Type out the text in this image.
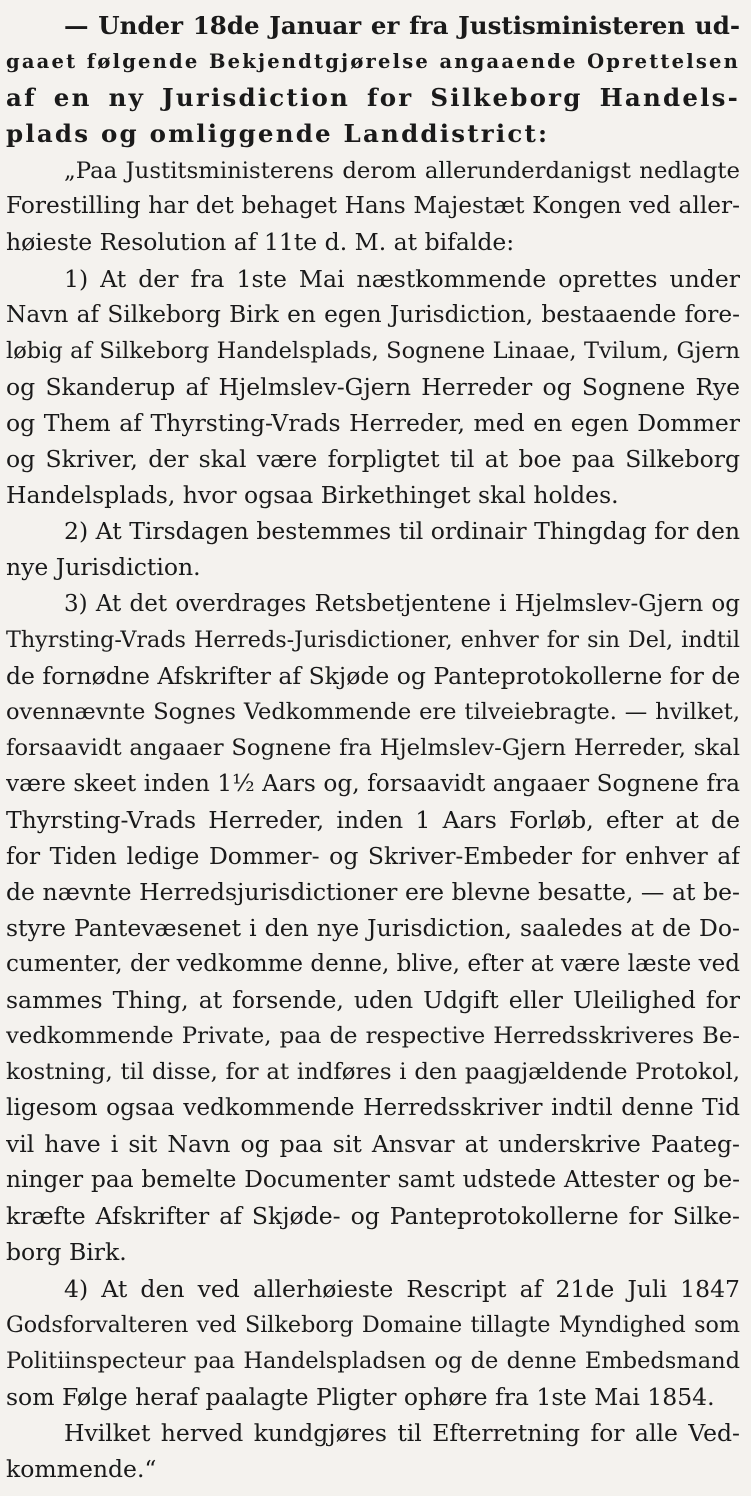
— Under 18de Januar er fra Justisministeren ud-
gaaet følgende Bekjendtgjørelse angaaende Oprettelsen
af en ny Jurisdiction for Silkeborg Handels-
plads og omliggende Landdistrict:
„Paa Justitsministerens derom allerunderdanigst nedlagte
Forestilling har det behaget Hans Majestæt Kongen ved aller-
høieste Resolution af 11te d. M. at bifalde:
1) At der fra 1ste Mai næstkommende oprettes under
Navn af Silkeborg Birk en egen Jurisdiction, bestaaende fore-
løbig af Silkeborg Handelsplads, Sognene Linaae, Tvilum, Gjern
og Skanderup af Hjelmslev-Gjern Herreder og Sognene Rye
og Them af Thyrsting-Vrads Herreder, med en egen Dommer
og Skriver, der skal være forpligtet til at boe paa Silkeborg
Handelsplads, hvor ogsaa Birkethinget skal holdes.
2) At Tirsdagen bestemmes til ordinair Thingdag for den
nye Jurisdiction.
3) At det overdrages Retsbetjentene i Hjelmslev-Gjern og
Thyrsting-Vrads Herreds-Jurisdictioner, enhver for sin Del, indtil
de fornødne Afskrifter af Skjøde og Panteprotokollerne for de
ovennævnte Sognes Vedkommende ere tilveiebragte. — hvilket,
forsaavidt angaaer Sognene fra Hjelmslev-Gjern Herreder, skal
være skeet inden 1½ Aars og, forsaavidt angaaer Sognene fra
Thyrsting-Vrads Herreder, inden 1 Aars Forløb, efter at de
for Tiden ledige Dommer- og Skriver-Embeder for enhver af
de nævnte Herredsjurisdictioner ere blevne besatte, — at be-
styre Pantevæsenet i den nye Jurisdiction, saaledes at de Do-
cumenter, der vedkomme denne, blive, efter at være læste ved
sammes Thing, at forsende, uden Udgift eller Uleilighed for
vedkommende Private, paa de respective Herredsskriveres Be-
kostning, til disse, for at indføres i den paagjældende Protokol,
ligesom ogsaa vedkommende Herredsskriver indtil denne Tid
vil have i sit Navn og paa sit Ansvar at underskrive Paateg-
ninger paa bemelte Documenter samt udstede Attester og be-
kræfte Afskrifter af Skjøde- og Panteprotokollerne for Silke-
borg Birk.
4) At den ved allerhøieste Rescript af 21de Juli 1847
Godsforvalteren ved Silkeborg Domaine tillagte Myndighed som
Politiinspecteur paa Handelspladsen og de denne Embedsmand
som Følge heraf paalagte Pligter ophøre fra 1ste Mai 1854.
Hvilket herved kundgjøres til Efterretning for alle Ved-
kommende.“
